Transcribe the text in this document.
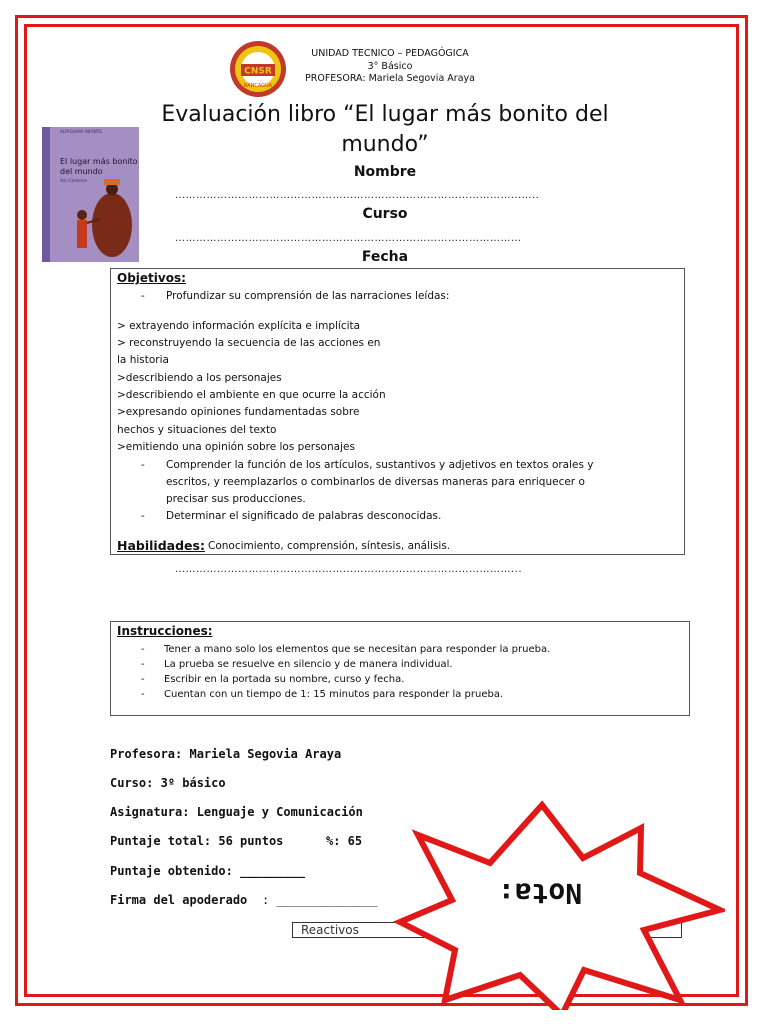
CNSR
RANCAGUA
UNIDAD TECNICO – PEDAGÓGICA
3° Básico
PROFESORA: Mariela Segovia Araya
Evaluación libro “El lugar más bonito del
mundo”
ALFAGUARA INFANTIL
El lugar más bonito
del mundo
Ann Cameron
Nombre
…………………………………………………………………………………………..
Curso
………………………………………………………………………………………
Fecha
Objetivos:
- Profundizar su comprensión de las narraciones leídas:
> extrayendo información explícita e implícita
> reconstruyendo la secuencia de las acciones en
la historia
>describiendo a los personajes
>describiendo el ambiente en que ocurre la acción
>expresando opiniones fundamentadas sobre
hechos y situaciones del texto
>emitiendo una opinión sobre los personajes
- Comprender la función de los artículos, sustantivos y adjetivos en textos orales y
escritos, y reemplazarlos o combinarlos de diversas maneras para enriquecer o
precisar sus producciones.
- Determinar el significado de palabras desconocidas.
Habilidades: Conocimiento, comprensión, síntesis, análisis.
……………………………………………………………………………………...
Instrucciones:
- Tener a mano solo los elementos que se necesitan para responder la prueba.
- La prueba se resuelve en silencio y de manera individual.
- Escribir en la portada su nombre, curso y fecha.
- Cuentan con un tiempo de 1: 15 minutos para responder la prueba.
Profesora: Mariela Segovia Araya
Curso: 3º básico
Asignatura: Lenguaje y Comunicación
Puntaje total: 56 puntos	%: 65
Puntaje obtenido: _________
Firma del apoderado : ______________
Reactivos
Nota:
